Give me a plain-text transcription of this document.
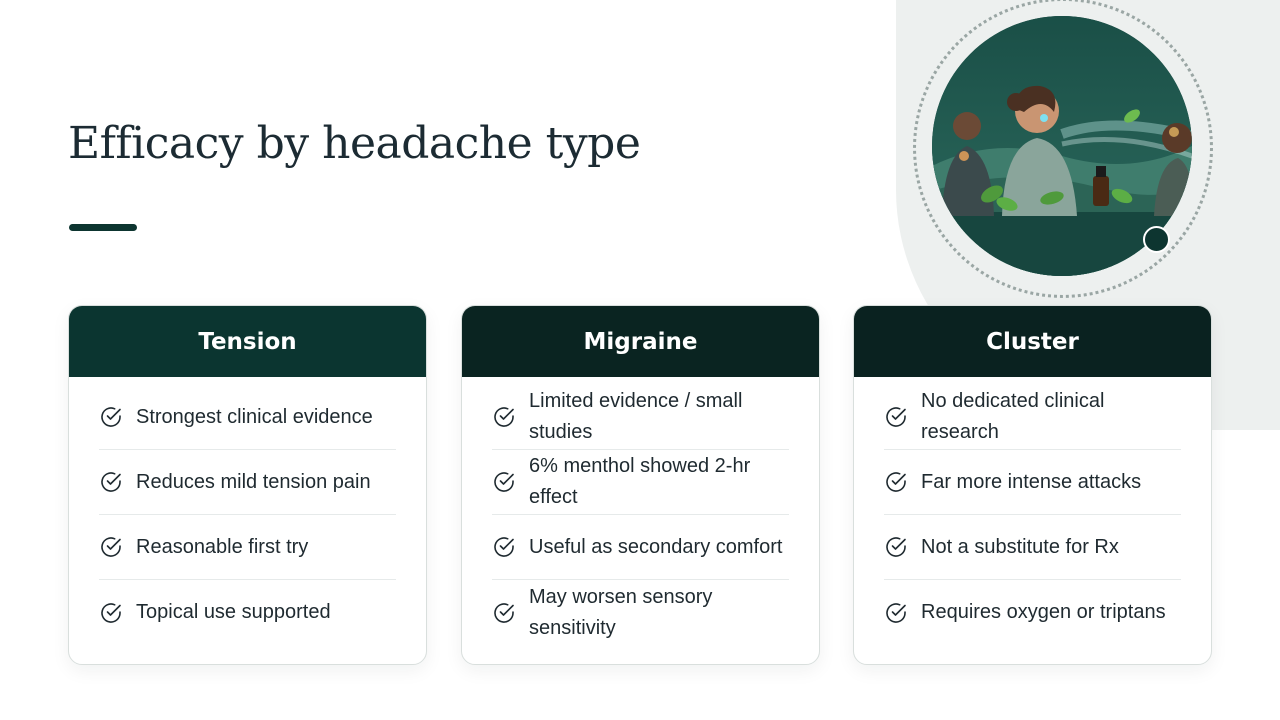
Efficacy by headache type
Tension
Strongest clinical evidence
Reduces mild tension pain
Reasonable first try
Topical use supported
Migraine
Limited evidence / small studies
6% menthol showed 2-hr effect
Useful as secondary comfort
May worsen sensory sensitivity
Cluster
No dedicated clinical research
Far more intense attacks
Not a substitute for Rx
Requires oxygen or triptans
